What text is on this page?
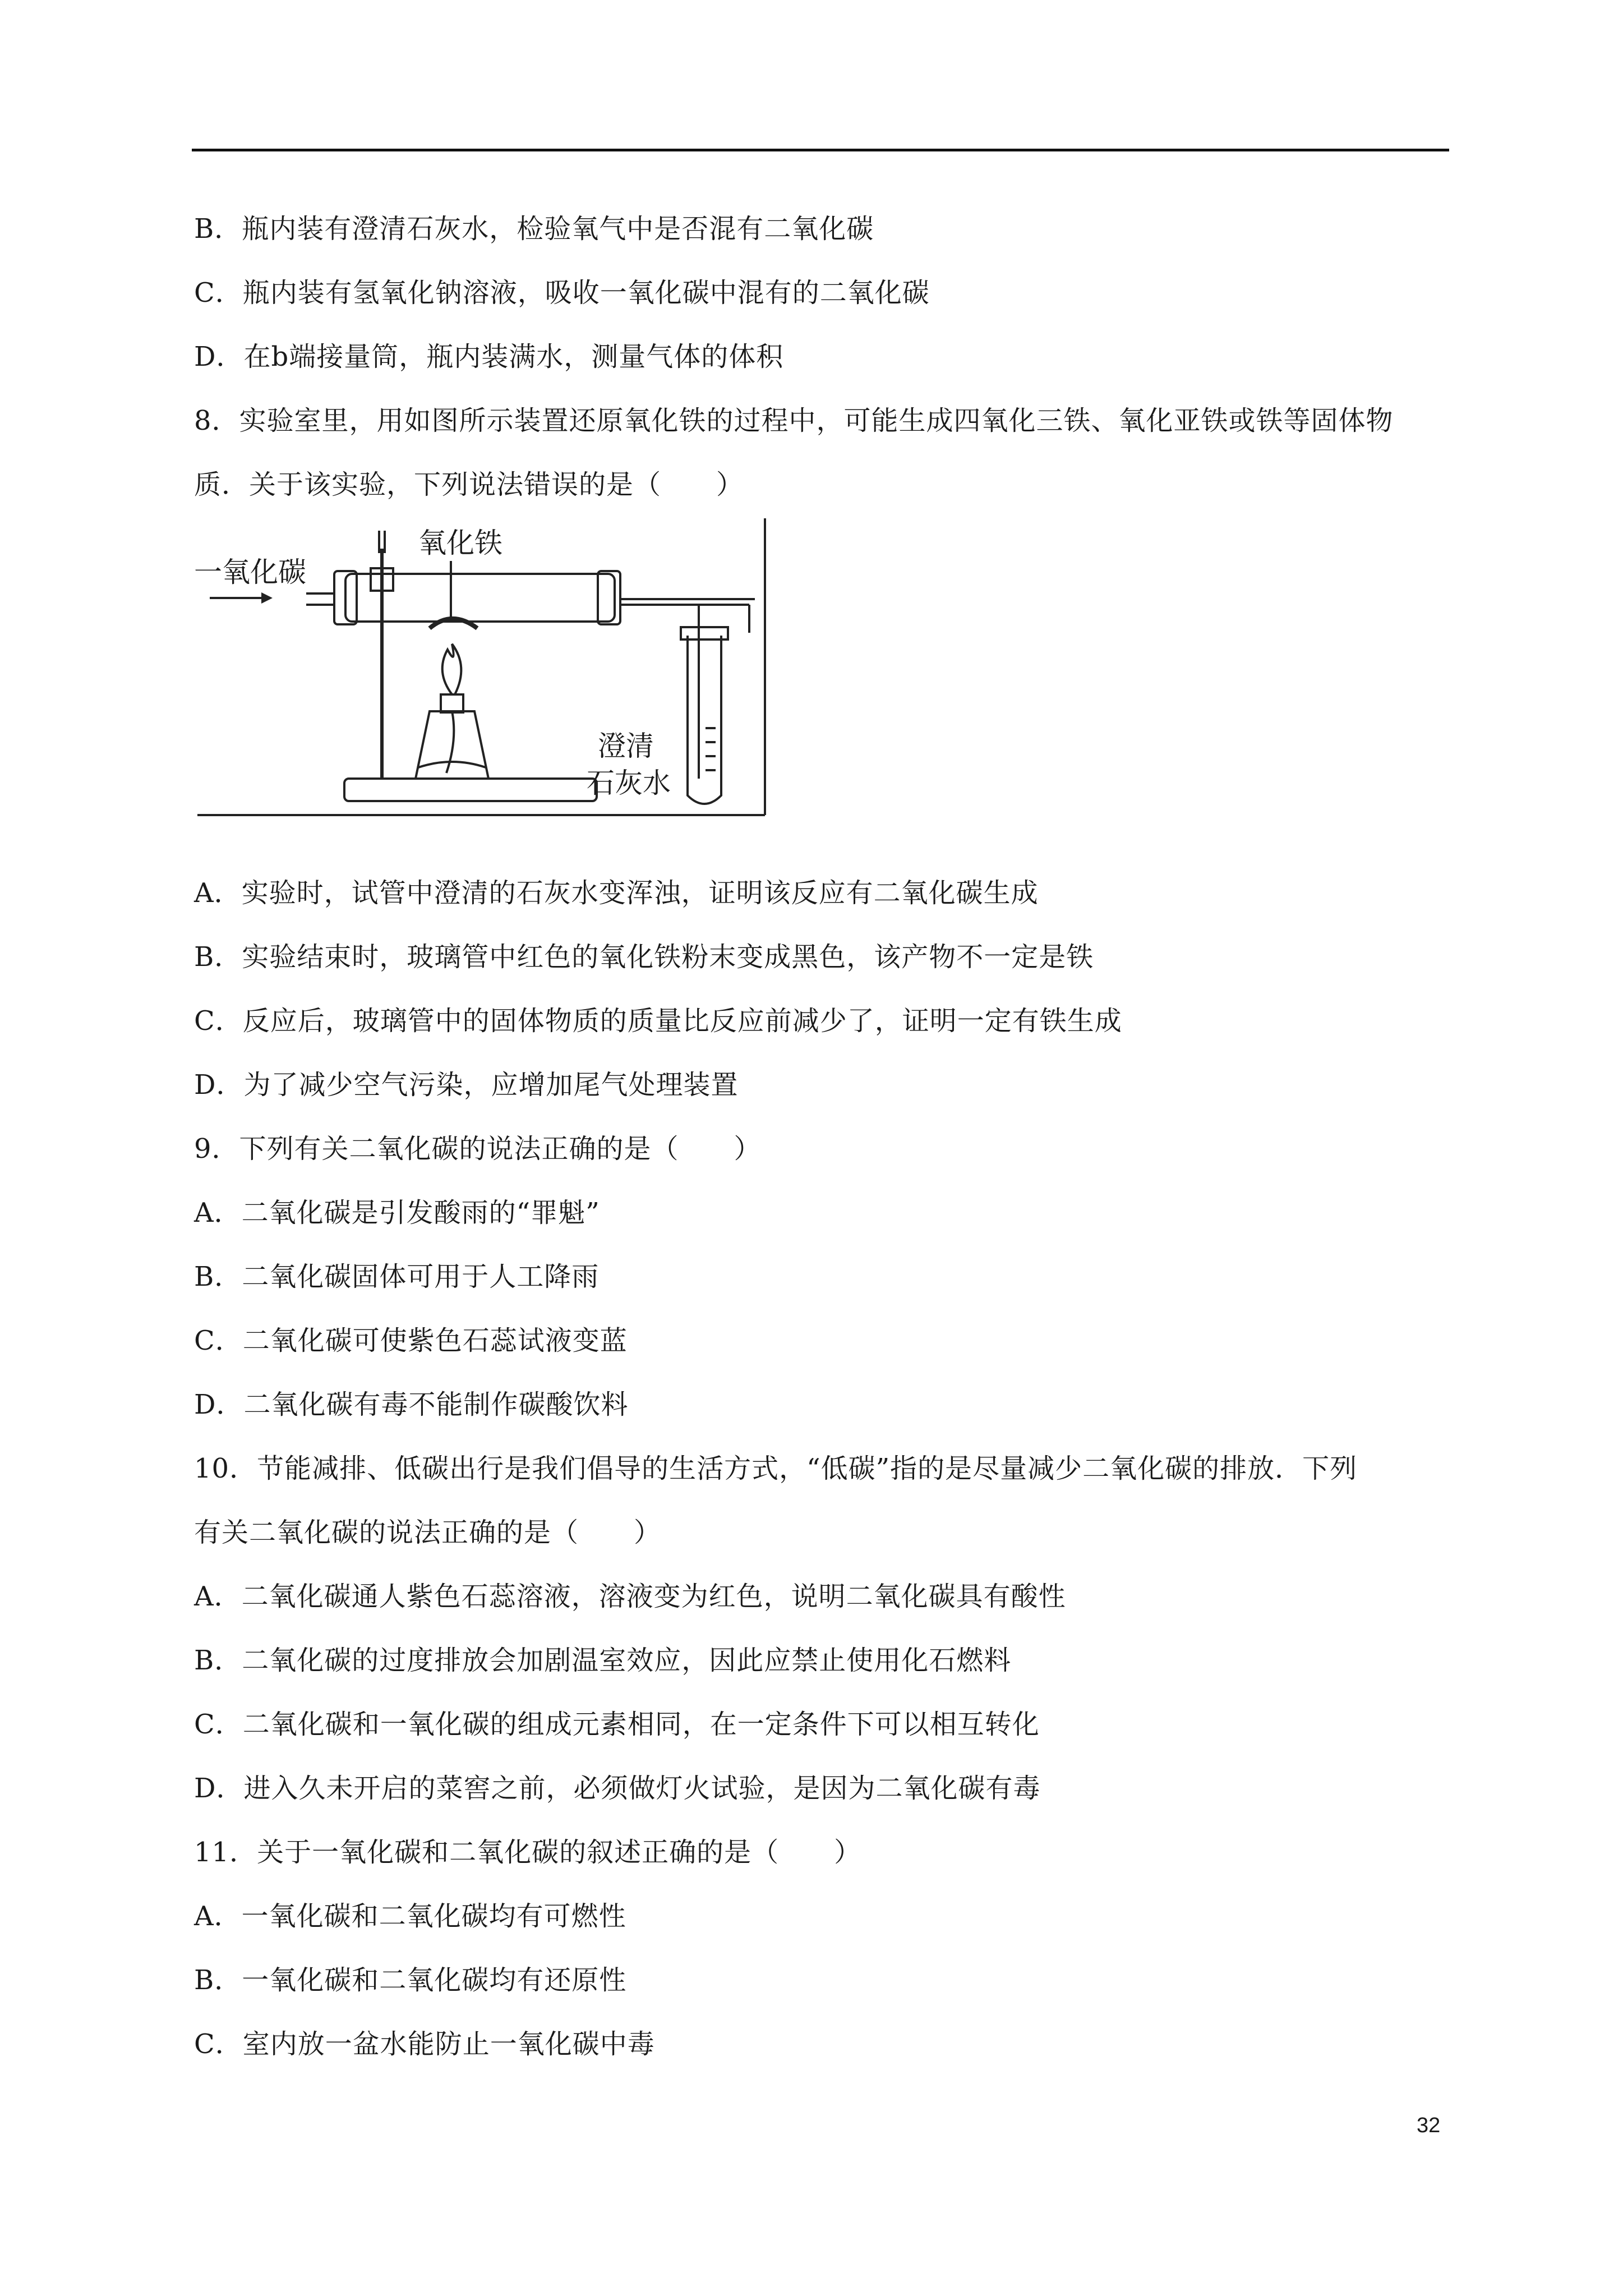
B．瓶内装有澄清石灰水，检验氧气中是否混有二氧化碳
C．瓶内装有氢氧化钠溶液，吸收一氧化碳中混有的二氧化碳
D．在b端接量筒，瓶内装满水，测量气体的体积
8．实验室里，用如图所示装置还原氧化铁的过程中，可能生成四氧化三铁、氧化亚铁或铁等固体物
质．关于该实验，下列说法错误的是（　　）
一氧化碳
氧化铁
澄清
石灰水
A．实验时，试管中澄清的石灰水变浑浊，证明该反应有二氧化碳生成
B．实验结束时，玻璃管中红色的氧化铁粉末变成黑色，该产物不一定是铁
C．反应后，玻璃管中的固体物质的质量比反应前减少了，证明一定有铁生成
D．为了减少空气污染，应增加尾气处理装置
9．下列有关二氧化碳的说法正确的是（　　）
A．二氧化碳是引发酸雨的“罪魁”
B．二氧化碳固体可用于人工降雨
C．二氧化碳可使紫色石蕊试液变蓝
D．二氧化碳有毒不能制作碳酸饮料
10．节能减排、低碳出行是我们倡导的生活方式，“低碳”指的是尽量减少二氧化碳的排放．下列
有关二氧化碳的说法正确的是（　　）
A．二氧化碳通人紫色石蕊溶液，溶液变为红色，说明二氧化碳具有酸性
B．二氧化碳的过度排放会加剧温室效应，因此应禁止使用化石燃料
C．二氧化碳和一氧化碳的组成元素相同，在一定条件下可以相互转化
D．进入久未开启的菜窖之前，必须做灯火试验，是因为二氧化碳有毒
11．关于一氧化碳和二氧化碳的叙述正确的是（　　）
A．一氧化碳和二氧化碳均有可燃性
B．一氧化碳和二氧化碳均有还原性
C．室内放一盆水能防止一氧化碳中毒
32
